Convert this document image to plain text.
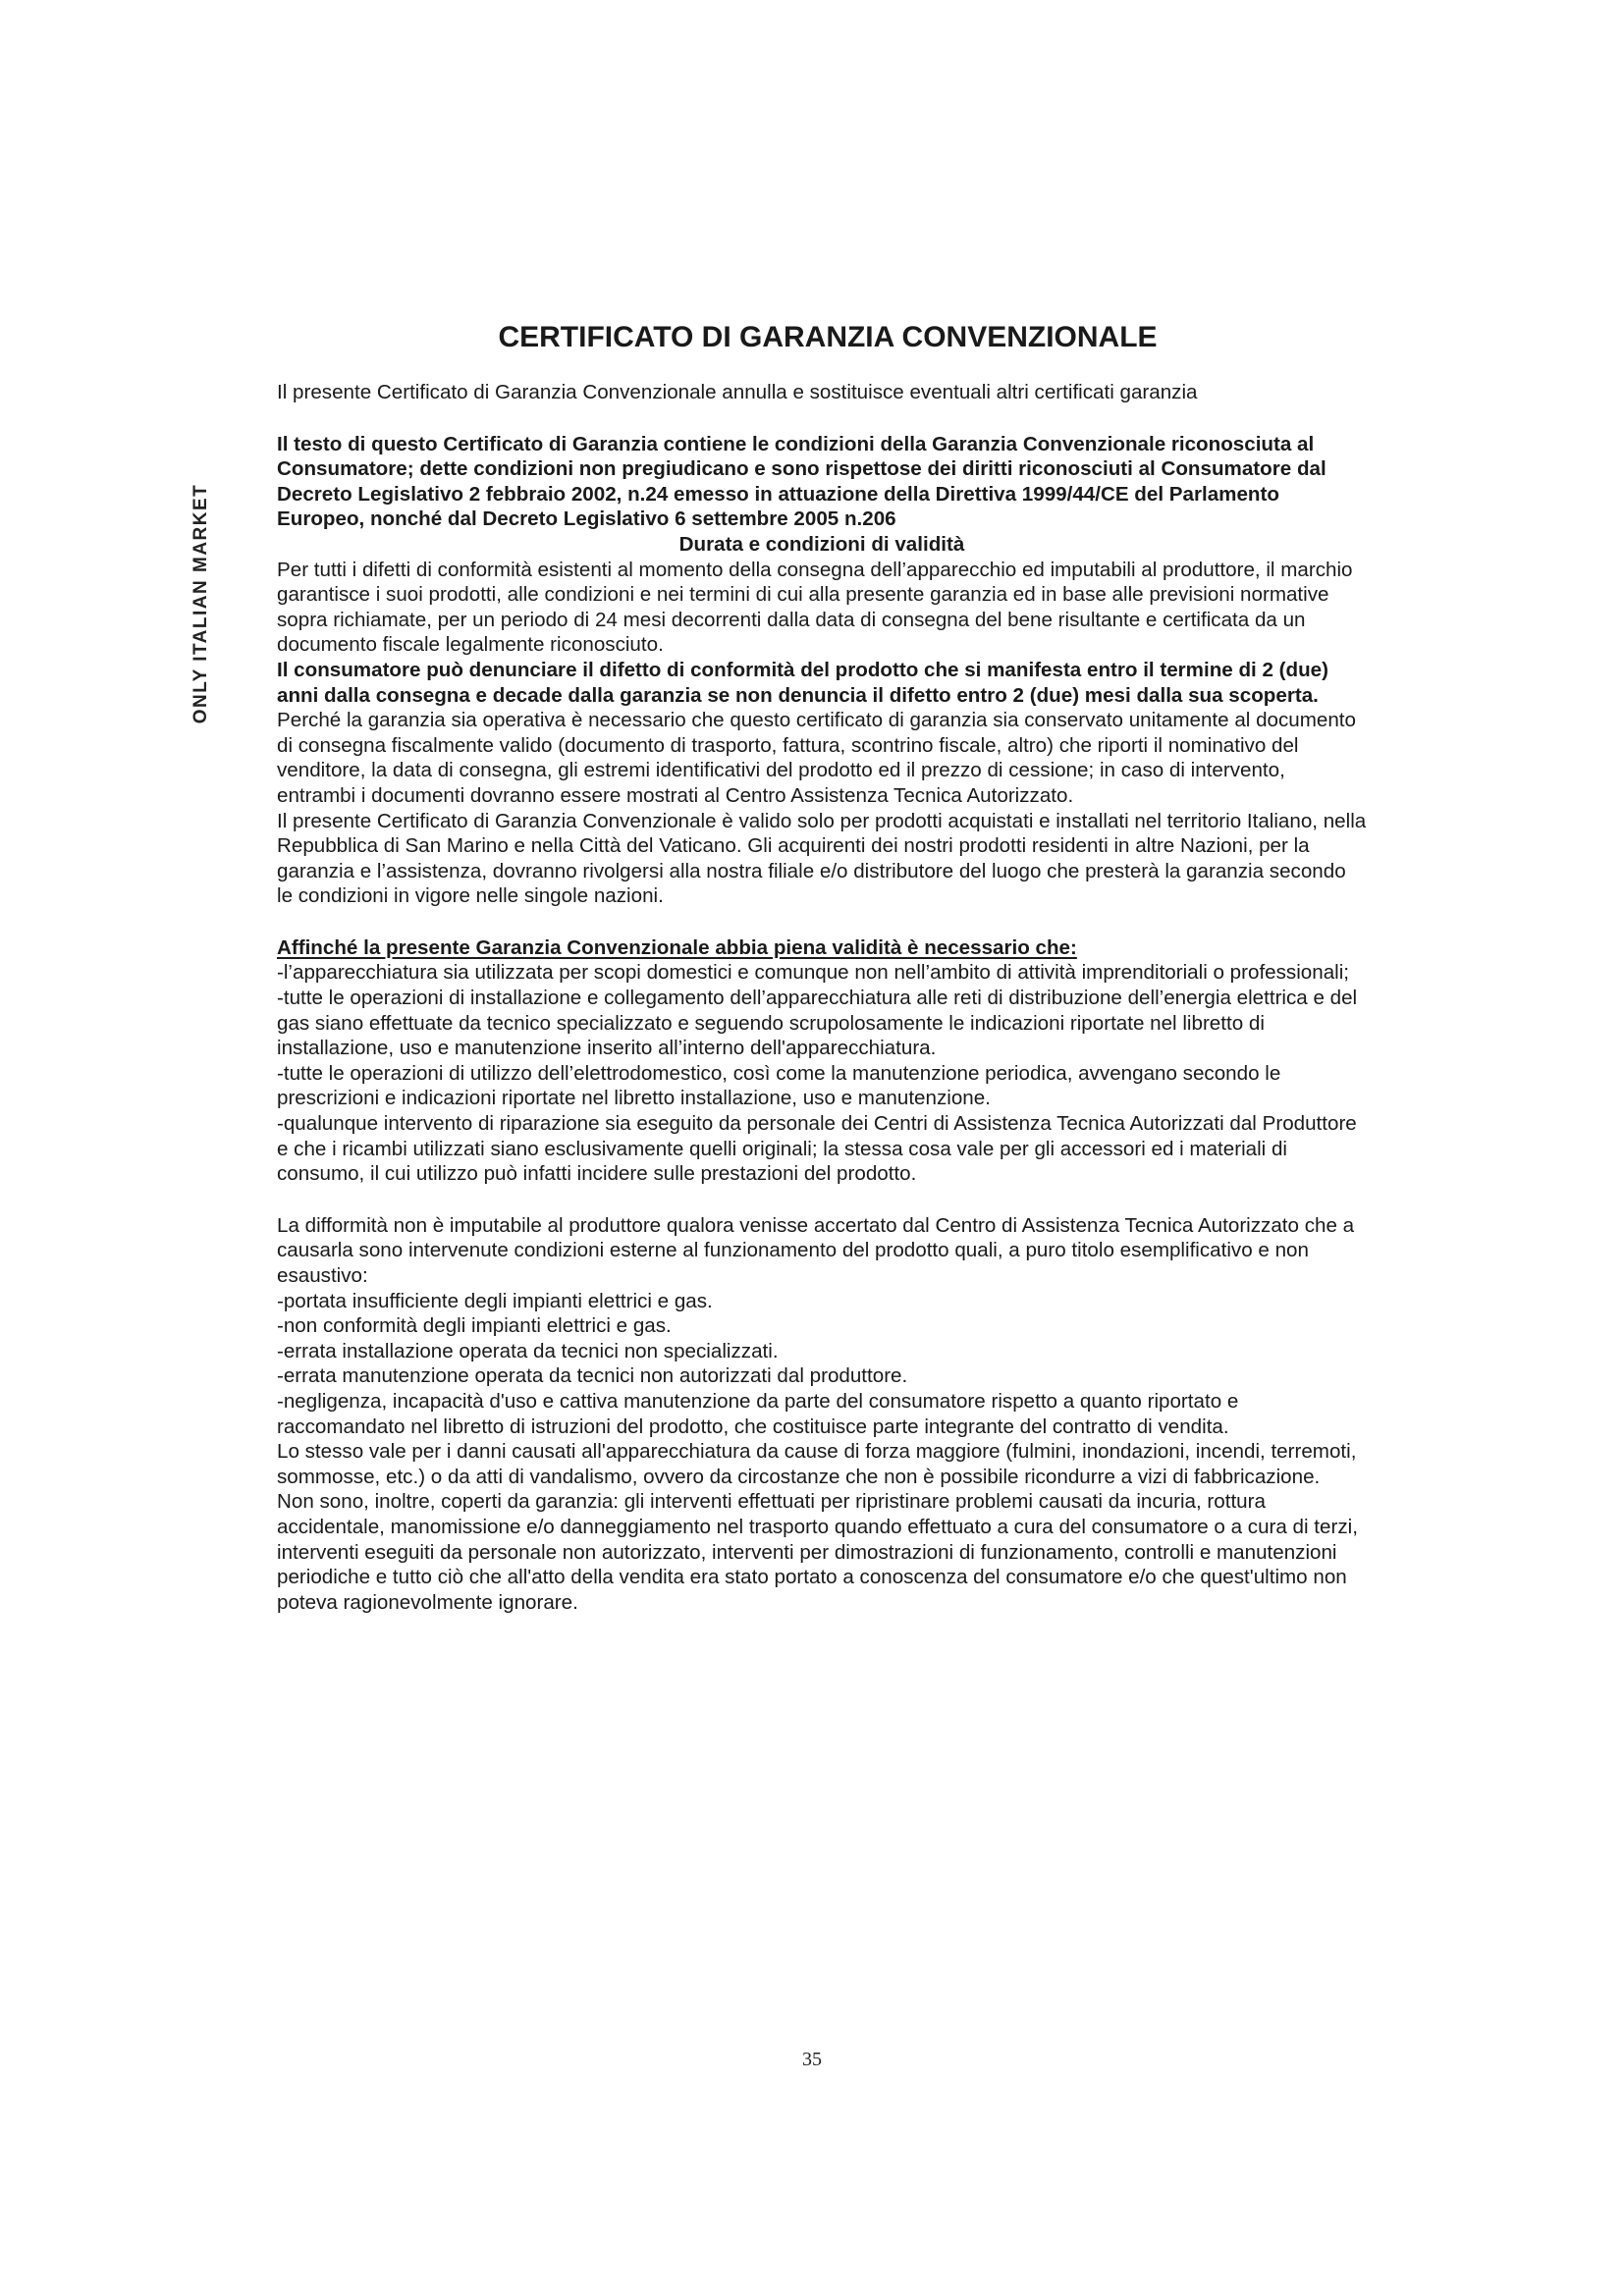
ONLY ITALIAN MARKET
CERTIFICATO DI GARANZIA CONVENZIONALE

Il presente Certificato di Garanzia Convenzionale annulla e sostituisce eventuali altri certificati garanzia

Il testo di questo Certificato di Garanzia contiene le condizioni della Garanzia Convenzionale riconosciuta al Consumatore; dette condizioni non pregiudicano e sono rispettose dei diritti riconosciuti al Consumatore dal Decreto Legislativo 2 febbraio 2002, n.24 emesso in attuazione della Direttiva 1999/44/CE del Parlamento Europeo, nonché dal Decreto Legislativo 6 settembre 2005 n.206

Durata e condizioni di validità

Per tutti i difetti di conformità esistenti al momento della consegna dell’apparecchio ed imputabili al produttore, il marchio garantisce i suoi prodotti, alle condizioni e nei termini di cui alla presente garanzia ed in base alle previsioni normative sopra richiamate, per un periodo di 24 mesi decorrenti dalla data di consegna del bene risultante e certificata da un documento fiscale legalmente riconosciuto.

Il consumatore può denunciare il difetto di conformità del prodotto che si manifesta entro il termine di 2 (due) anni dalla consegna e decade dalla garanzia se non denuncia il difetto entro 2 (due) mesi dalla sua scoperta.

Perché la garanzia sia operativa è necessario che questo certificato di garanzia sia conservato unitamente al documento di consegna fiscalmente valido (documento di trasporto, fattura, scontrino fiscale, altro) che riporti il nominativo del venditore, la data di consegna, gli estremi identificativi del prodotto ed il prezzo di cessione; in caso di intervento, entrambi i documenti dovranno essere mostrati al Centro Assistenza Tecnica Autorizzato.

Il presente Certificato di Garanzia Convenzionale è valido solo per prodotti acquistati e installati nel territorio Italiano, nella Repubblica di San Marino e nella Città del Vaticano. Gli acquirenti dei nostri prodotti residenti in altre Nazioni, per la garanzia e l’assistenza, dovranno rivolgersi alla nostra filiale e/o distributore del luogo che presterà la garanzia secondo le condizioni in vigore nelle singole nazioni.

Affinché la presente Garanzia Convenzionale abbia piena validità è necessario che:

-l’apparecchiatura sia utilizzata per scopi domestici e comunque non nell’ambito di attività imprenditoriali o professionali;

-tutte le operazioni di installazione e collegamento dell’apparecchiatura alle reti di distribuzione dell’energia elettrica e del gas siano effettuate da tecnico specializzato e seguendo scrupolosamente le indicazioni riportate nel libretto di installazione, uso e manutenzione inserito all’interno dell'apparecchiatura.

-tutte le operazioni di utilizzo dell’elettrodomestico, così come la manutenzione periodica, avvengano secondo le prescrizioni e indicazioni riportate nel libretto installazione, uso e manutenzione.

-qualunque intervento di riparazione sia eseguito da personale dei Centri di Assistenza Tecnica Autorizzati dal Produttore e che i ricambi utilizzati siano esclusivamente quelli originali; la stessa cosa vale per gli accessori ed i materiali di consumo, il cui utilizzo può infatti incidere sulle prestazioni del prodotto.

La difformità non è imputabile al produttore qualora venisse accertato dal Centro di Assistenza Tecnica Autorizzato che a causarla sono intervenute condizioni esterne al funzionamento del prodotto quali, a puro titolo esemplificativo e non esaustivo:

-portata insufficiente degli impianti elettrici e gas.

-non conformità degli impianti elettrici e gas.

-errata installazione operata da tecnici non specializzati.

-errata manutenzione operata da tecnici non autorizzati dal produttore.

-negligenza, incapacità d'uso e cattiva manutenzione da parte del consumatore rispetto a quanto riportato e raccomandato nel libretto di istruzioni del prodotto, che costituisce parte integrante del contratto di vendita.

Lo stesso vale per i danni causati all'apparecchiatura da cause di forza maggiore (fulmini, inondazioni, incendi, terremoti, sommosse, etc.) o da atti di vandalismo, ovvero da circostanze che non è possibile ricondurre a vizi di fabbricazione.

Non sono, inoltre, coperti da garanzia: gli interventi effettuati per ripristinare problemi causati da incuria, rottura accidentale, manomissione e/o danneggiamento nel trasporto quando effettuato a cura del consumatore o a cura di terzi, interventi eseguiti da personale non autorizzato, interventi per dimostrazioni di funzionamento, controlli e manutenzioni periodiche e tutto ciò che all'atto della vendita era stato portato a conoscenza del consumatore e/o che quest'ultimo non poteva ragionevolmente ignorare.

35
